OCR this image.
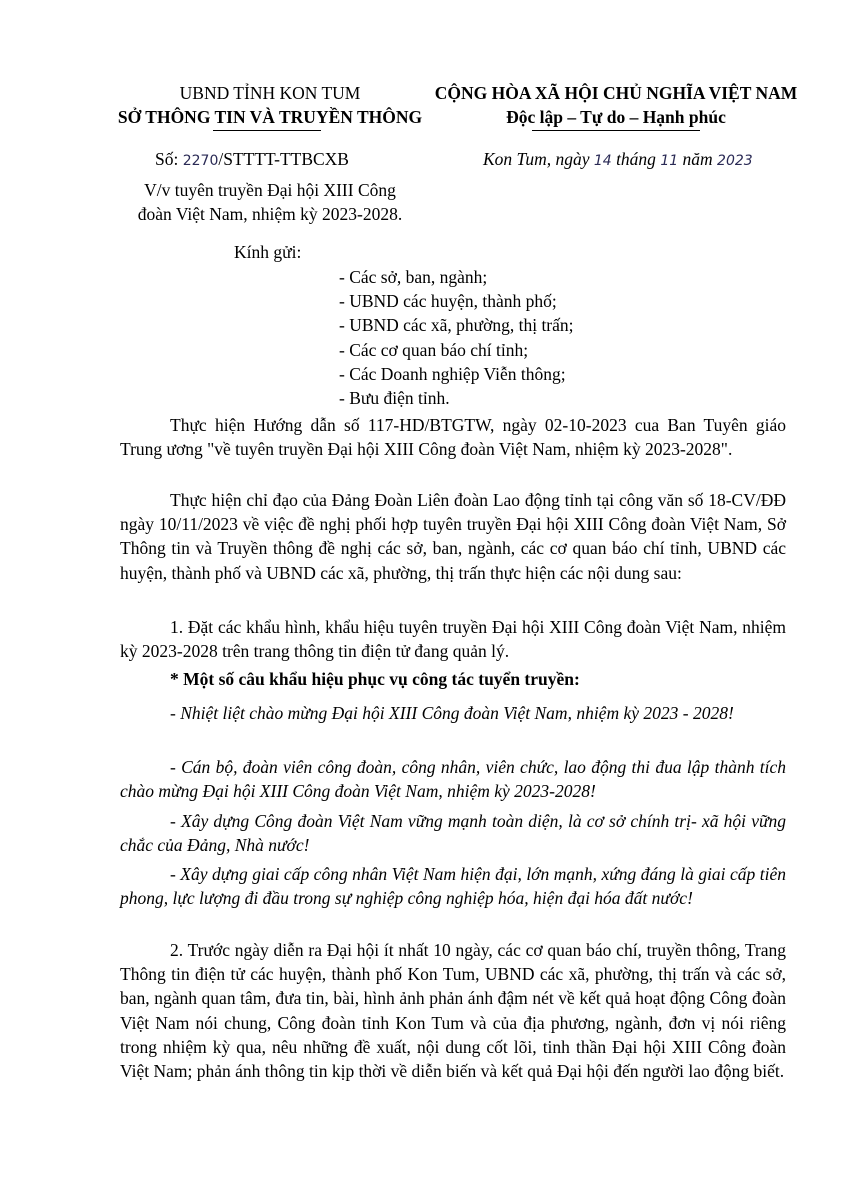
UBND TỈNH KON TUM
SỞ THÔNG TIN VÀ TRUYỀN THÔNG
Số: 2270/STTTT-TTBCXB
V/v tuyên truyền Đại hội XIII Công
đoàn Việt Nam, nhiệm kỳ 2023-2028.
CỘNG HÒA XÃ HỘI CHỦ NGHĨA VIỆT NAM
Độc lập – Tự do – Hạnh phúc
Kon Tum, ngày 14 tháng 11 năm 2023
Kính gửi:
- Các sở, ban, ngành;
- UBND các huyện, thành phố;
- UBND các xã, phường, thị trấn;
- Các cơ quan báo chí tỉnh;
- Các Doanh nghiệp Viễn thông;
- Bưu điện tỉnh.
Thực hiện Hướng dẫn số 117-HD/BTGTW, ngày 02-10-2023 cua Ban Tuyên giáo Trung ương "về tuyên truyền Đại hội XIII Công đoàn Việt Nam, nhiệm kỳ 2023-2028".
Thực hiện chỉ đạo của Đảng Đoàn Liên đoàn Lao động tỉnh tại công văn số 18-CV/ĐĐ ngày 10/11/2023 về việc đề nghị phối hợp tuyên truyền Đại hội XIII Công đoàn Việt Nam, Sở Thông tin và Truyền thông đề nghị các sở, ban, ngành, các cơ quan báo chí tỉnh, UBND các huyện, thành phố và UBND các xã, phường, thị trấn thực hiện các nội dung sau:
1. Đặt các khẩu hình, khẩu hiệu tuyên truyền Đại hội XIII Công đoàn Việt Nam, nhiệm kỳ 2023-2028 trên trang thông tin điện tử đang quản lý.
* Một số câu khẩu hiệu phục vụ công tác tuyển truyền:
- Nhiệt liệt chào mừng Đại hội XIII Công đoàn Việt Nam, nhiệm kỳ 2023 - 2028!
- Cán bộ, đoàn viên công đoàn, công nhân, viên chức, lao động thi đua lập thành tích chào mừng Đại hội XIII Công đoàn Việt Nam, nhiệm kỳ 2023-2028!
- Xây dựng Công đoàn Việt Nam vững mạnh toàn diện, là cơ sở chính trị- xã hội vững chắc của Đảng, Nhà nước!
- Xây dựng giai cấp công nhân Việt Nam hiện đại, lớn mạnh, xứng đáng là giai cấp tiên phong, lực lượng đi đầu trong sự nghiệp công nghiệp hóa, hiện đại hóa đất nước!
2. Trước ngày diễn ra Đại hội ít nhất 10 ngày, các cơ quan báo chí, truyền thông, Trang Thông tin điện tử các huyện, thành phố Kon Tum, UBND các xã, phường, thị trấn và các sở, ban, ngành quan tâm, đưa tin, bài, hình ảnh phản ánh đậm nét về kết quả hoạt động Công đoàn Việt Nam nói chung, Công đoàn tỉnh Kon Tum và của địa phương, ngành, đơn vị nói riêng trong nhiệm kỳ qua, nêu những đề xuất, nội dung cốt lõi, tinh thần Đại hội XIII Công đoàn Việt Nam; phản ánh thông tin kịp thời về diễn biến và kết quả Đại hội đến người lao động biết.
